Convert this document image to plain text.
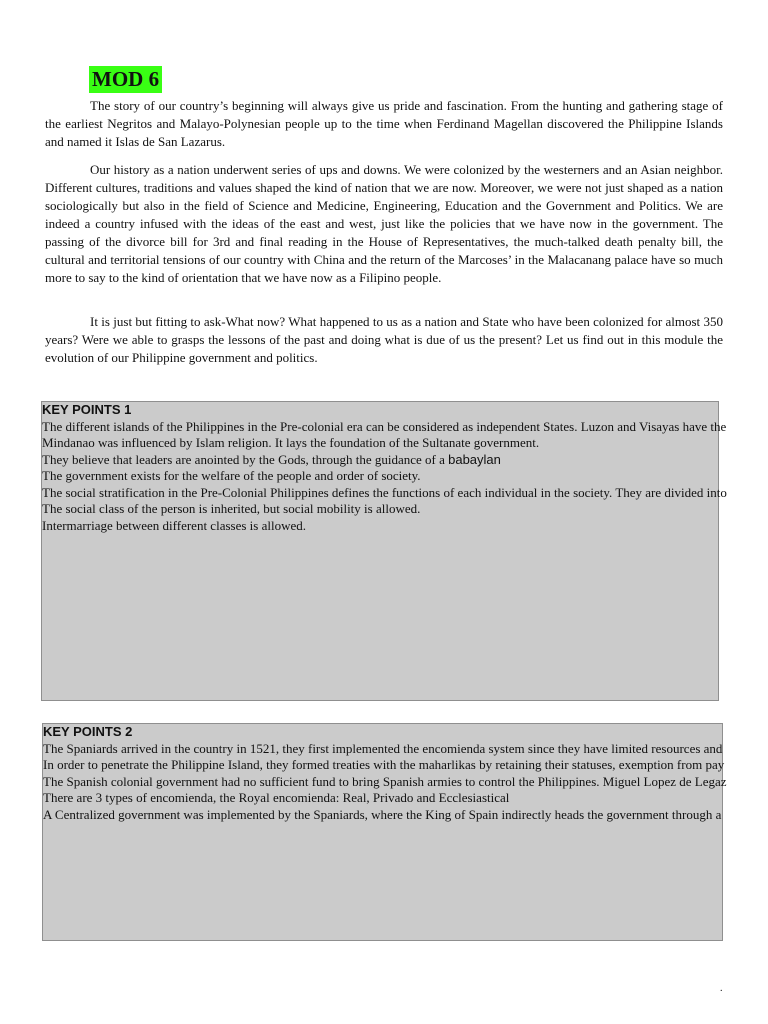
MOD 6

The story of our country’s beginning will always give us pride and fascination. From the hunting and gathering stage of the earliest Negritos and Malayo-Polynesian people up to the time when Ferdinand Magellan discovered the Philippine Islands and named it Islas de San Lazarus.

Our history as a nation underwent series of ups and downs. We were colonized by the westerners and an Asian neighbor. Different cultures, traditions and values shaped the kind of nation that we are now. Moreover, we were not just shaped as a nation sociologically but also in the field of Science and Medicine, Engineering, Education and the Government and Politics. We are indeed a country infused with the ideas of the east and west, just like the policies that we have now in the government. The passing of the divorce bill for 3rd and final reading in the House of Representatives, the much-talked death penalty bill, the cultural and territorial tensions of our country with China and the return of the Marcoses’ in the Malacanang palace have so much more to say to the kind of orientation that we have now as a Filipino people.

It is just but fitting to ask-What now? What happened to us as a nation and State who have been colonized for almost 350 years? Were we able to grasps the lessons of the past and doing what is due of us the present? Let us find out in this module the evolution of our Philippine government and politics.

KEY POINTS 1
The different islands of the Philippines in the Pre-colonial era can be considered as independent States. Luzon and Visayas have the
Mindanao was influenced by Islam religion. It lays the foundation of the Sultanate government.
They believe that leaders are anointed by the Gods, through the guidance of a babaylan
The government exists for the welfare of the people and order of society.
The social stratification in the Pre-Colonial Philippines defines the functions of each individual in the society. They are divided into
The social class of the person is inherited, but social mobility is allowed.
Intermarriage between different classes is allowed.
KEY POINTS 2
The Spaniards arrived in the country in 1521, they first implemented the encomienda system since they have limited resources and
In order to penetrate the Philippine Island, they formed treaties with the maharlikas by retaining their statuses, exemption from pay
The Spanish colonial government had no sufficient fund to bring Spanish armies to control the Philippines. Miguel Lopez de Legaz
There are 3 types of encomienda, the Royal encomienda: Real, Privado and Ecclesiastical
A Centralized government was implemented by the Spaniards, where the King of Spain indirectly heads the government through a
.
